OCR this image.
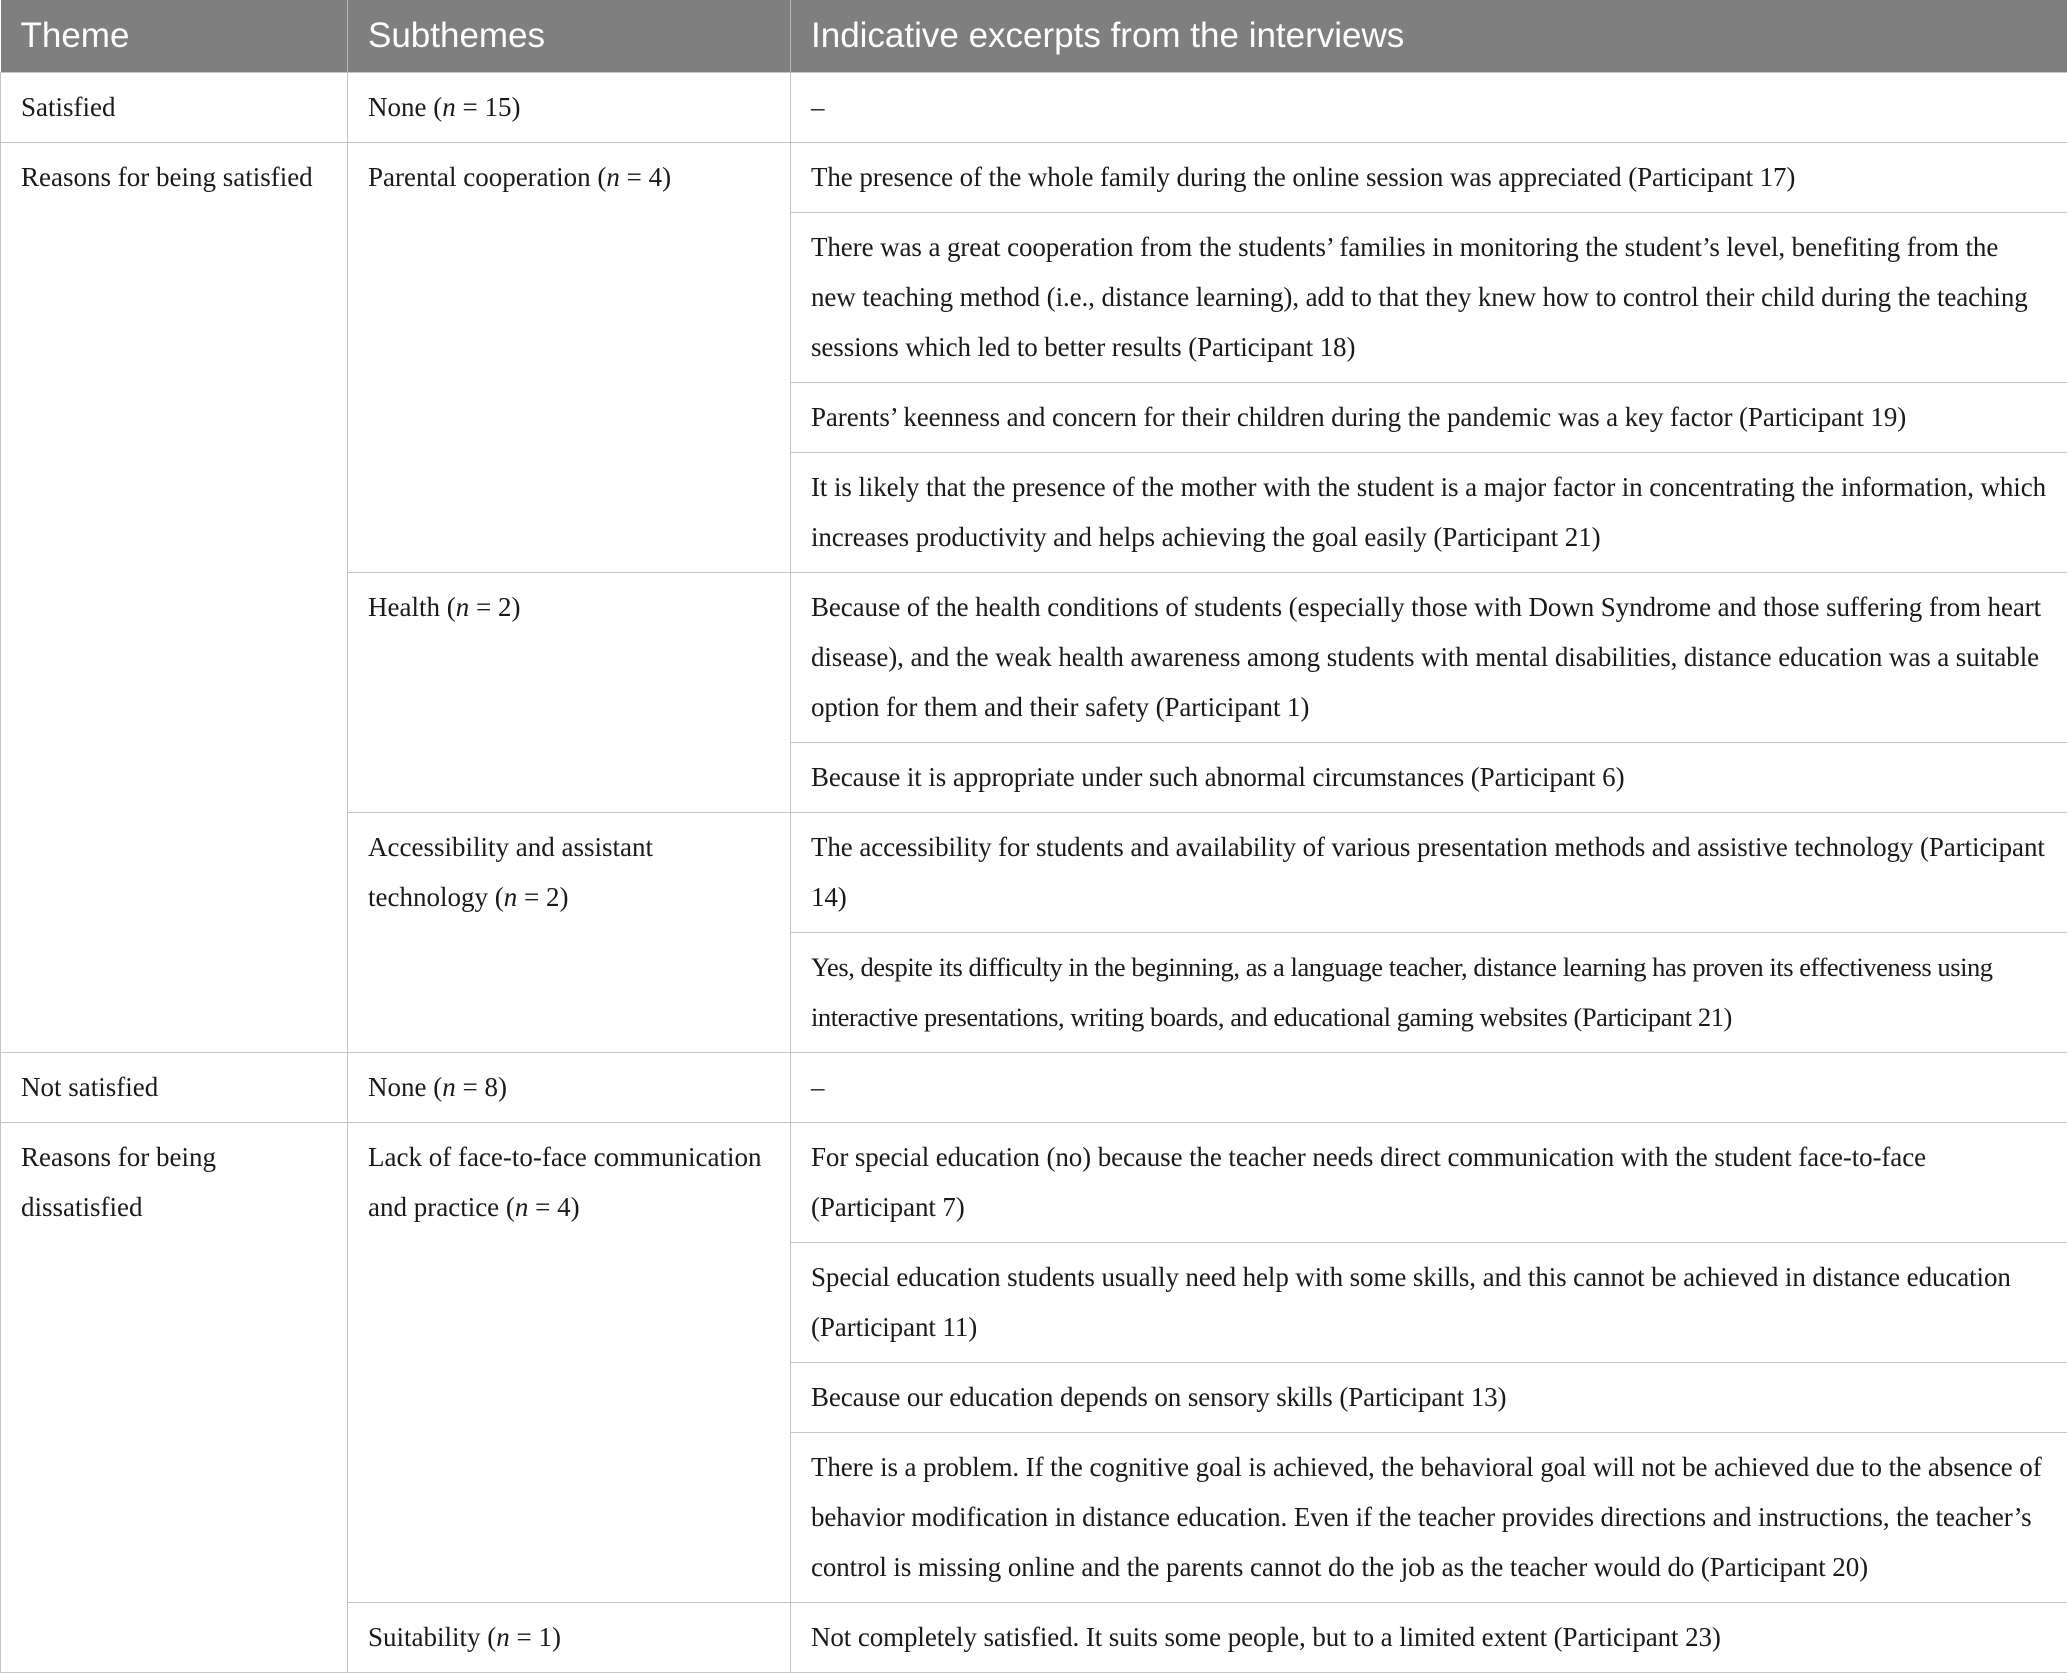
Theme	Subthemes	Indicative excerpts from the interviews
Satisfied	None (n = 15)	–
Reasons for being satisfied	Parental cooperation (n = 4)	The presence of the whole family during the online session was appreciated (Participant 17)
		There was a great cooperation from the students’ families in monitoring the student’s level, benefiting from the new teaching method (i.e., distance learning), add to that they knew how to control their child during the teaching sessions which led to better results (Participant 18)
		Parents’ keenness and concern for their children during the pandemic was a key factor (Participant 19)
		It is likely that the presence of the mother with the student is a major factor in concentrating the information, which increases productivity and helps achieving the goal easily (Participant 21)
	Health (n = 2)	Because of the health conditions of students (especially those with Down Syndrome and those suffering from heart disease), and the weak health awareness among students with mental disabilities, distance education was a suitable option for them and their safety (Participant 1)
		Because it is appropriate under such abnormal circumstances (Participant 6)
	Accessibility and assistant technology (n = 2)	The accessibility for students and availability of various presentation methods and assistive technology (Participant 14)
		Yes, despite its difficulty in the beginning, as a language teacher, distance learning has proven its effectiveness using interactive presentations, writing boards, and educational gaming websites (Participant 21)
Not satisfied	None (n = 8)	–
Reasons for being dissatisfied	Lack of face-to-face communication and practice (n = 4)	For special education (no) because the teacher needs direct communication with the student face-to-face (Participant 7)
		Special education students usually need help with some skills, and this cannot be achieved in distance education (Participant 11)
		Because our education depends on sensory skills (Participant 13)
		There is a problem. If the cognitive goal is achieved, the behavioral goal will not be achieved due to the absence of behavior modification in distance education. Even if the teacher provides directions and instructions, the teacher’s control is missing online and the parents cannot do the job as the teacher would do (Participant 20)
	Suitability (n = 1)	Not completely satisfied. It suits some people, but to a limited extent (Participant 23)
